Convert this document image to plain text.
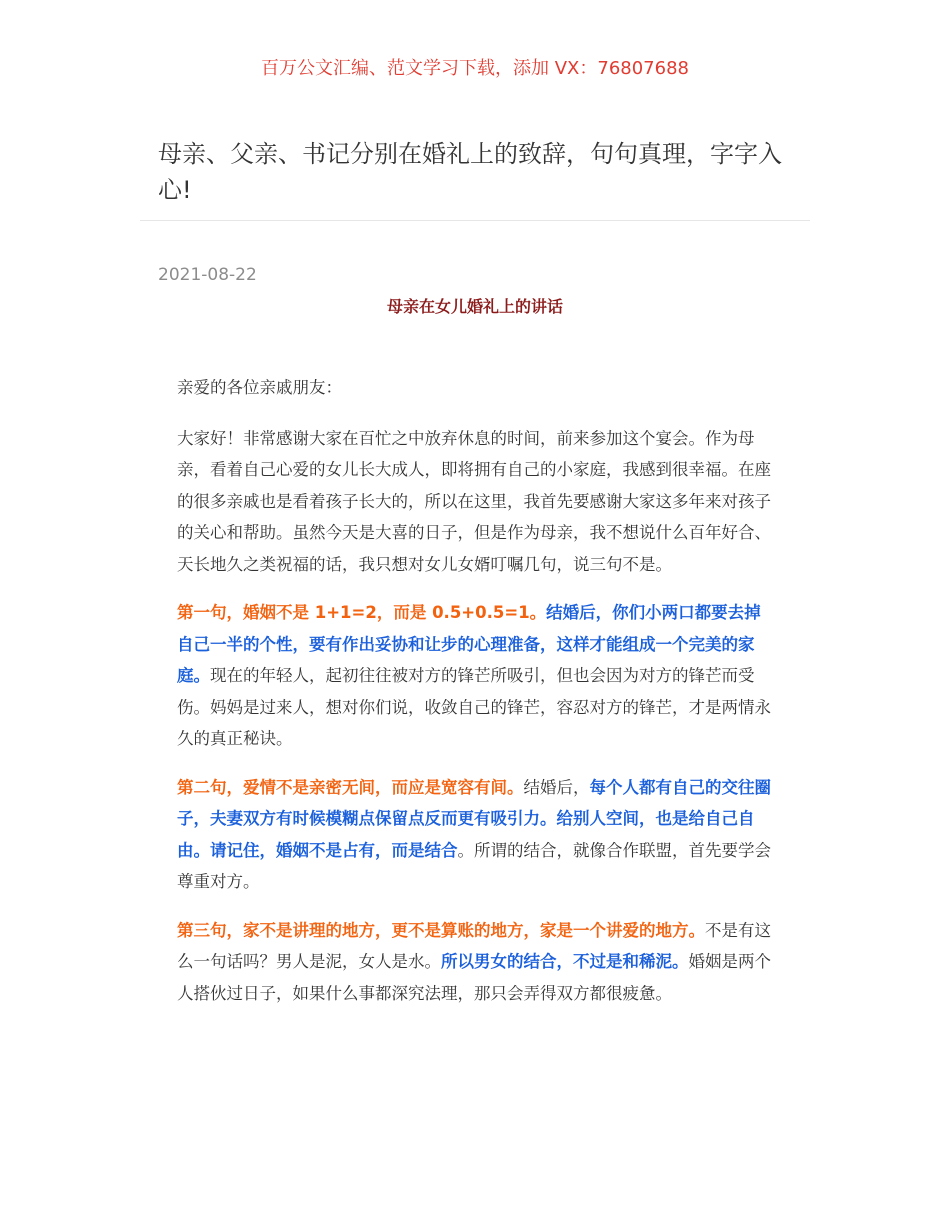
百万公文汇编、范文学习下载，添加 VX：76807688
母亲、父亲、书记分别在婚礼上的致辞，句句真理，字字入心!
2021-08-22
母亲在女儿婚礼上的讲话

亲爱的各位亲戚朋友：

大家好！非常感谢大家在百忙之中放弃休息的时间，前来参加这个宴会。作为母亲，看着自己心爱的女儿长大成人，即将拥有自己的小家庭，我感到很幸福。在座的很多亲戚也是看着孩子长大的，所以在这里，我首先要感谢大家这多年来对孩子的关心和帮助。虽然今天是大喜的日子，但是作为母亲，我不想说什么百年好合、天长地久之类祝福的话，我只想对女儿女婿叮嘱几句，说三句不是。

第一句，婚姻不是 1+1=2，而是 0.5+0.5=1。结婚后，你们小两口都要去掉自己一半的个性，要有作出妥协和让步的心理准备，这样才能组成一个完美的家庭。现在的年轻人，起初往往被对方的锋芒所吸引，但也会因为对方的锋芒而受伤。妈妈是过来人，想对你们说，收敛自己的锋芒，容忍对方的锋芒，才是两情永久的真正秘诀。

第二句，爱情不是亲密无间，而应是宽容有间。结婚后，每个人都有自己的交往圈子，夫妻双方有时候模糊点保留点反而更有吸引力。给别人空间，也是给自己自由。请记住，婚姻不是占有，而是结合。所谓的结合，就像合作联盟，首先要学会尊重对方。

第三句，家不是讲理的地方，更不是算账的地方，家是一个讲爱的地方。不是有这么一句话吗？男人是泥，女人是水。所以男女的结合，不过是和稀泥。婚姻是两个人搭伙过日子，如果什么事都深究法理，那只会弄得双方都很疲惫。
